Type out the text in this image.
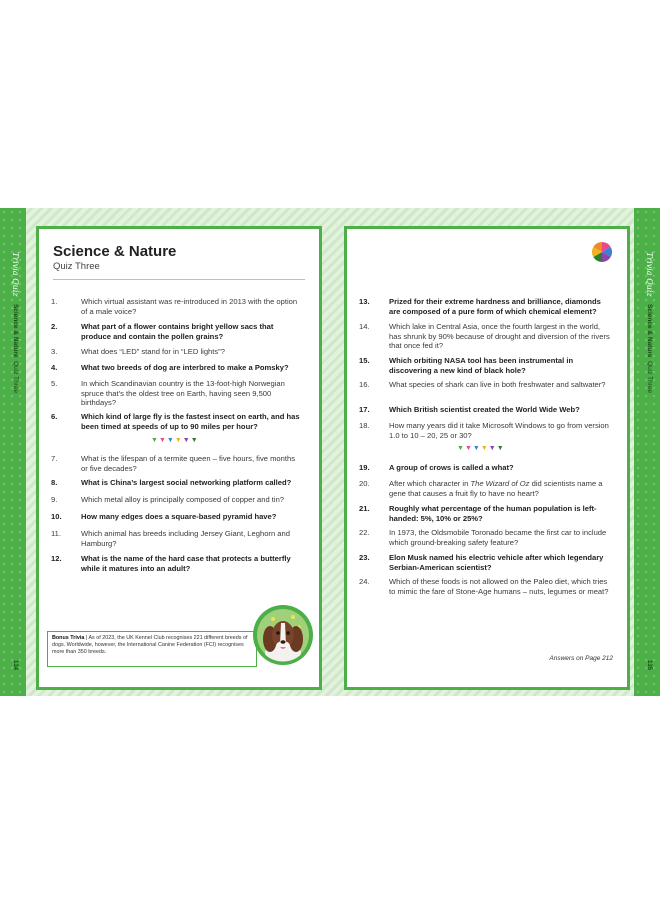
Trivia Quiz
Science & Nature  Quiz Three
134
Trivia Quiz
Science & Nature  Quiz Three
135
Science & Nature
Quiz Three
1.	Which virtual assistant was re-introduced in 2013 with the option of a male voice?
2.	What part of a flower contains bright yellow sacs that produce and contain the pollen grains?
3.	What does “LED” stand for in “LED lights”?
4.	What two breeds of dog are interbred to make a Pomsky?
5.	In which Scandinavian country is the 13-foot-high Norwegian spruce that’s the oldest tree on Earth, having seen 9,500 birthdays?
6.	Which kind of large fly is the fastest insect on earth, and has been timed at speeds of up to 90 miles per hour?
▼▼▼▼▼▼
7.	What is the lifespan of a termite queen – five hours, five months or five decades?
8.	What is China’s largest social networking platform called?
9.	Which metal alloy is principally composed of copper and tin?
10.	How many edges does a square-based pyramid have?
11.	Which animal has breeds including Jersey Giant, Leghorn and Hamburg?
12.	What is the name of the hard case that protects a butterfly while it matures into an adult?
Bonus Trivia | As of 2023, the UK Kennel Club recognises 221 different breeds of dogs. Worldwide, however, the International Canine Federation (FCI) recognises more than 350 breeds.
13.	Prized for their extreme hardness and brilliance, diamonds are composed of a pure form of which chemical element?
14.	Which lake in Central Asia, once the fourth largest in the world, has shrunk by 90% because of drought and diversion of the rivers that once fed it?
15.	Which orbiting NASA tool has been instrumental in discovering a new kind of black hole?
16.	What species of shark can live in both freshwater and saltwater?
17.	Which British scientist created the World Wide Web?
18.	How many years did it take Microsoft Windows to go from version 1.0 to 10 – 20, 25 or 30?
▼▼▼▼▼▼
19.	A group of crows is called a what?
20.	After which character in The Wizard of Oz did scientists name a gene that causes a fruit fly to have no heart?
21.	Roughly what percentage of the human population is left-handed: 5%, 10% or 25%?
22.	In 1973, the Oldsmobile Toronado became the first car to include which ground-breaking safety feature?
23.	Elon Musk named his electric vehicle after which legendary Serbian-American scientist?
24.	Which of these foods is not allowed on the Paleo diet, which tries to mimic the fare of Stone-Age humans – nuts, legumes or meat?
Answers on Page 212
